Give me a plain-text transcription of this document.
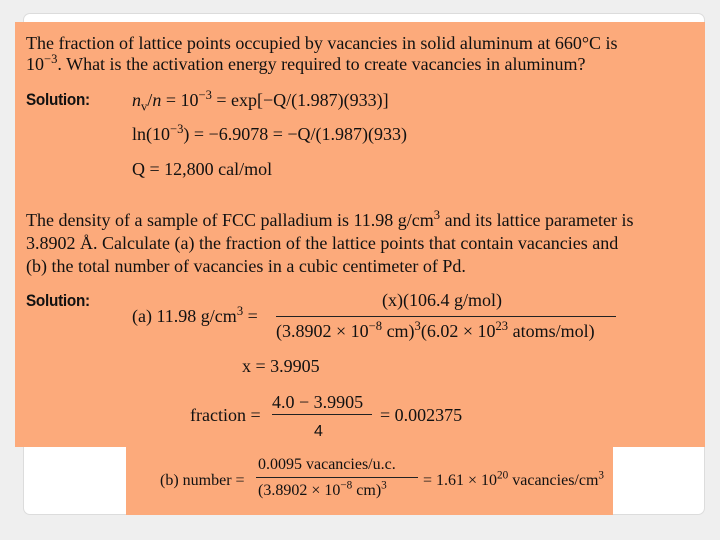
The fraction of lattice points occupied by vacancies in solid aluminum at 660°C is
$10^{-3}$. What is the activation energy required to create vacancies in aluminum?
Solution: $n_v/n = 10^{-3} = \exp[-Q/(1.987)(933)]$
$\ln(10^{-3}) = -6.9078 = -Q/(1.987)(933)$
Q = 12,800 cal/mol
The density of a sample of FCC palladium is 11.98 $g/cm^3$ and its lattice parameter is
3.8902 Å. Calculate (a) the fraction of the lattice points that contain vacancies and
(b) the total number of vacancies in a cubic centimeter of Pd.
Solution:
(a) 11.98 $g/cm^3$ =
(x)(106.4 g/mol)
($3.8902 \times 10^{-8}$ $cm)^3(6.02 \times 10^{23}$ atoms/mol)
x = 3.9905
fraction =
4.0 − 3.9905
4
= 0.002375
(b) number =
0.0095 vacancies/u.c.
($3.8902 \times 10^{-8}$ $cm)^3 = 1.61 \times 10^{20}$ vacancies/$cm^3$
